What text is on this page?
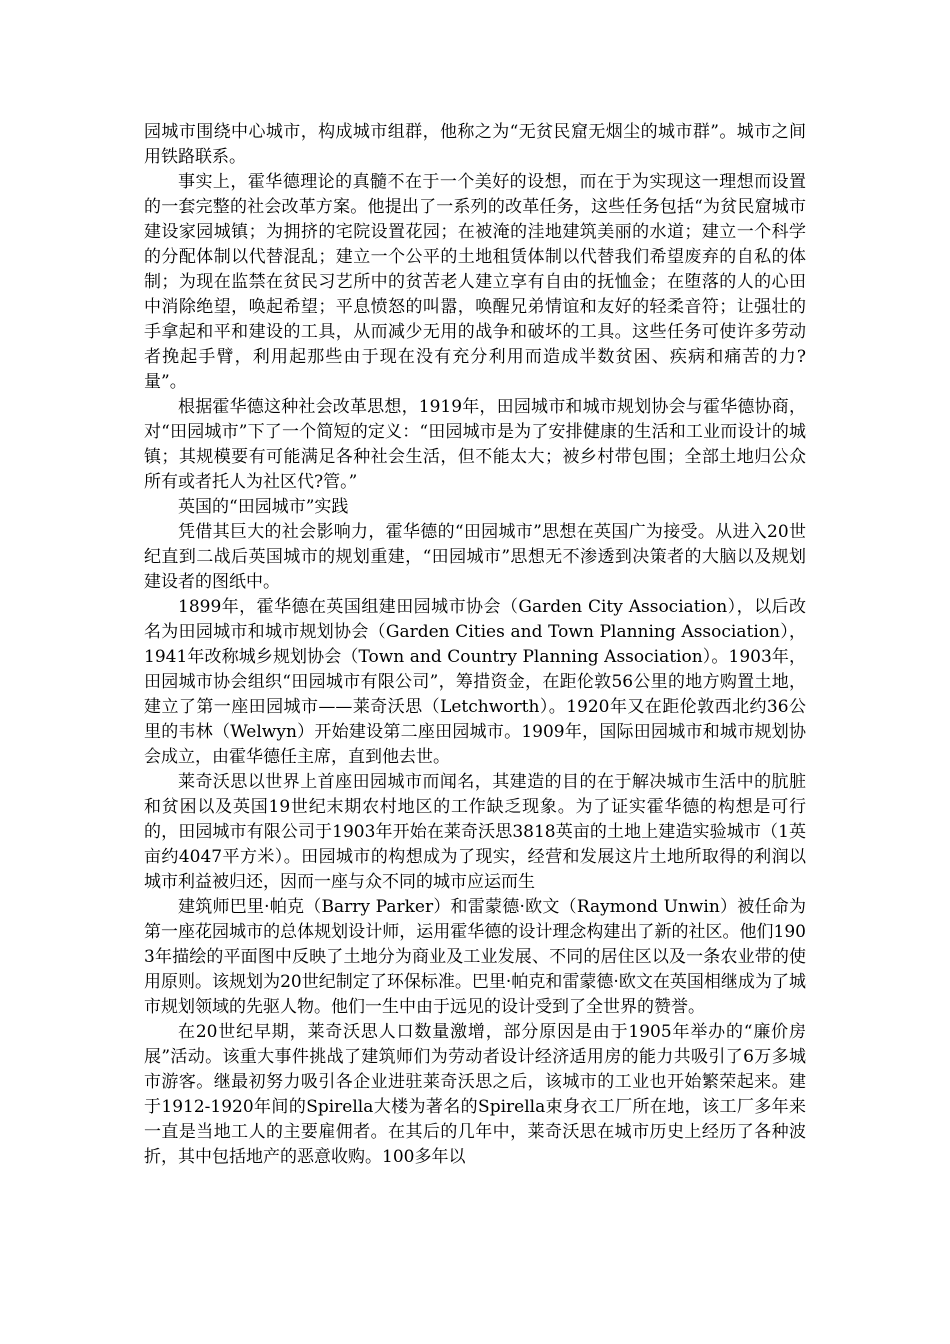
园城市围绕中心城市，构成城市组群，他称之为“无贫民窟无烟尘的城市群”。城市之间用铁路联系。

事实上，霍华德理论的真髓不在于一个美好的设想，而在于为实现这一理想而设置的一套完整的社会改革方案。他提出了一系列的改革任务，这些任务包括“为贫民窟城市建设家园城镇；为拥挤的宅院设置花园；在被淹的洼地建筑美丽的水道；建立一个科学的分配体制以代替混乱；建立一个公平的土地租赁体制以代替我们希望废弃的自私的体制；为现在监禁在贫民习艺所中的贫苦老人建立享有自由的抚恤金；在堕落的人的心田中消除绝望，唤起希望；平息愤怒的叫嚣，唤醒兄弟情谊和友好的轻柔音符；让强壮的手拿起和平和建设的工具，从而减少无用的战争和破坏的工具。这些任务可使许多劳动者挽起手臂，利用起那些由于现在没有充分利用而造成半数贫困、疾病和痛苦的力?量”。

根据霍华德这种社会改革思想，1919年，田园城市和城市规划协会与霍华德协商，对“田园城市”下了一个简短的定义：“田园城市是为了安排健康的生活和工业而设计的城镇；其规模要有可能满足各种社会生活，但不能太大；被乡村带包围；全部土地归公众所有或者托人为社区代?管。”

英国的“田园城市”实践

凭借其巨大的社会影响力，霍华德的“田园城市”思想在英国广为接受。从进入20世纪直到二战后英国城市的规划重建，“田园城市”思想无不渗透到决策者的大脑以及规划建设者的图纸中。

1899年，霍华德在英国组建田园城市协会（Garden City Association），以后改名为田园城市和城市规划协会（Garden Cities and Town Planning Association），1941年改称城乡规划协会（Town and Country Planning Association）。1903年，田园城市协会组织“田园城市有限公司”，筹措资金，在距伦敦56公里的地方购置土地，建立了第一座田园城市——莱奇沃思（Letchworth）。1920年又在距伦敦西北约36公里的韦林（Welwyn）开始建设第二座田园城市。1909年，国际田园城市和城市规划协会成立，由霍华德任主席，直到他去世。

莱奇沃思以世界上首座田园城市而闻名，其建造的目的在于解决城市生活中的肮脏和贫困以及英国19世纪末期农村地区的工作缺乏现象。为了证实霍华德的构想是可行的，田园城市有限公司于1903年开始在莱奇沃思3818英亩的土地上建造实验城市（1英亩约4047平方米）。田园城市的构想成为了现实，经营和发展这片土地所取得的利润以城市利益被归还，因而一座与众不同的城市应运而生

建筑师巴里·帕克（Barry Parker）和雷蒙德·欧文（Raymond Unwin）被任命为第一座花园城市的总体规划设计师，运用霍华德的设计理念构建出了新的社区。他们1903年描绘的平面图中反映了土地分为商业及工业发展、不同的居住区以及一条农业带的使用原则。该规划为20世纪制定了环保标准。巴里·帕克和雷蒙德·欧文在英国相继成为了城市规划领域的先驱人物。他们一生中由于远见的设计受到了全世界的赞誉。

在20世纪早期，莱奇沃思人口数量激增，部分原因是由于1905年举办的“廉价房展”活动。该重大事件挑战了建筑师们为劳动者设计经济适用房的能力共吸引了6万多城市游客。继最初努力吸引各企业进驻莱奇沃思之后，该城市的工业也开始繁荣起来。建于1912-1920年间的Spirella大楼为著名的Spirella束身衣工厂所在地，该工厂多年来一直是当地工人的主要雇佣者。在其后的几年中，莱奇沃思在城市历史上经历了各种波折，其中包括地产的恶意收购。100多年以
